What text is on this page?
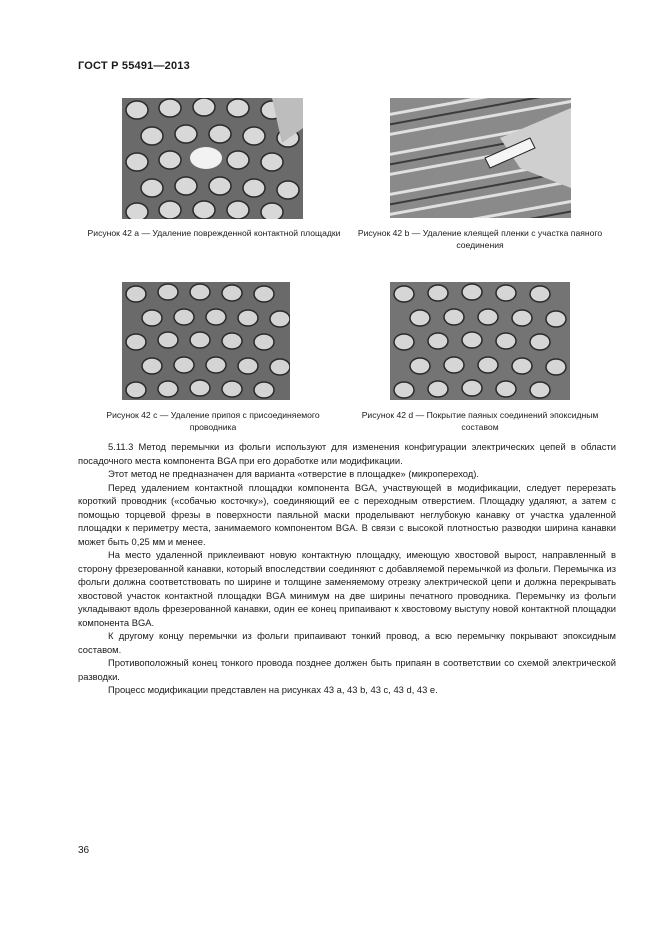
ГОСТ Р 55491—2013
Рисунок 42 a — Удаление поврежденной контактной площадки	Рисунок 42 b — Удаление клеящей пленки с участка паяного соединения
Рисунок 42 c — Удаление припоя с присоединяемого проводника
Рисунок 42 d — Покрытие паяных соединений эпоксидным составом

5.11.3 Метод перемычки из фольги используют для изменения конфигурации электрических цепей в области посадочного места компонента BGA при его доработке или модификации.

Этот метод не предназначен для варианта «отверстие в площадке» (микропереход).

Перед удалением контактной площадки компонента BGA, участвующей в модификации, следует перерезать короткий проводник («собачью косточку»), соединяющий ее с переходным отверстием. Площадку удаляют, а затем с помощью торцевой фрезы в поверхности паяльной маски проделывают неглубокую канавку от участка удаленной площадки к периметру места, занимаемого компонентом BGA. В связи с высокой плотностью разводки ширина канавки может быть 0,25 мм и менее.

На место удаленной приклеивают новую контактную площадку, имеющую хвостовой вырост, направленный в сторону фрезерованной канавки, который впоследствии соединяют с добавляемой перемычкой из фольги. Перемычка из фольги должна соответствовать по ширине и толщине заменяемому отрезку электрической цепи и должна перекрывать хвостовой участок контактной площадки BGA минимум на две ширины печатного проводника. Перемычку из фольги укладывают вдоль фрезерованной канавки, один ее конец припаивают к хвостовому выступу новой контактной площадки компонента BGA.

К другому концу перемычки из фольги припаивают тонкий провод, а всю перемычку покрывают эпоксидным составом.

Противоположный конец тонкого провода позднее должен быть припаян в соответствии со схемой электрической разводки.

Процесс модификации представлен на рисунках 43 a, 43 b, 43 c, 43 d, 43 e.

36
